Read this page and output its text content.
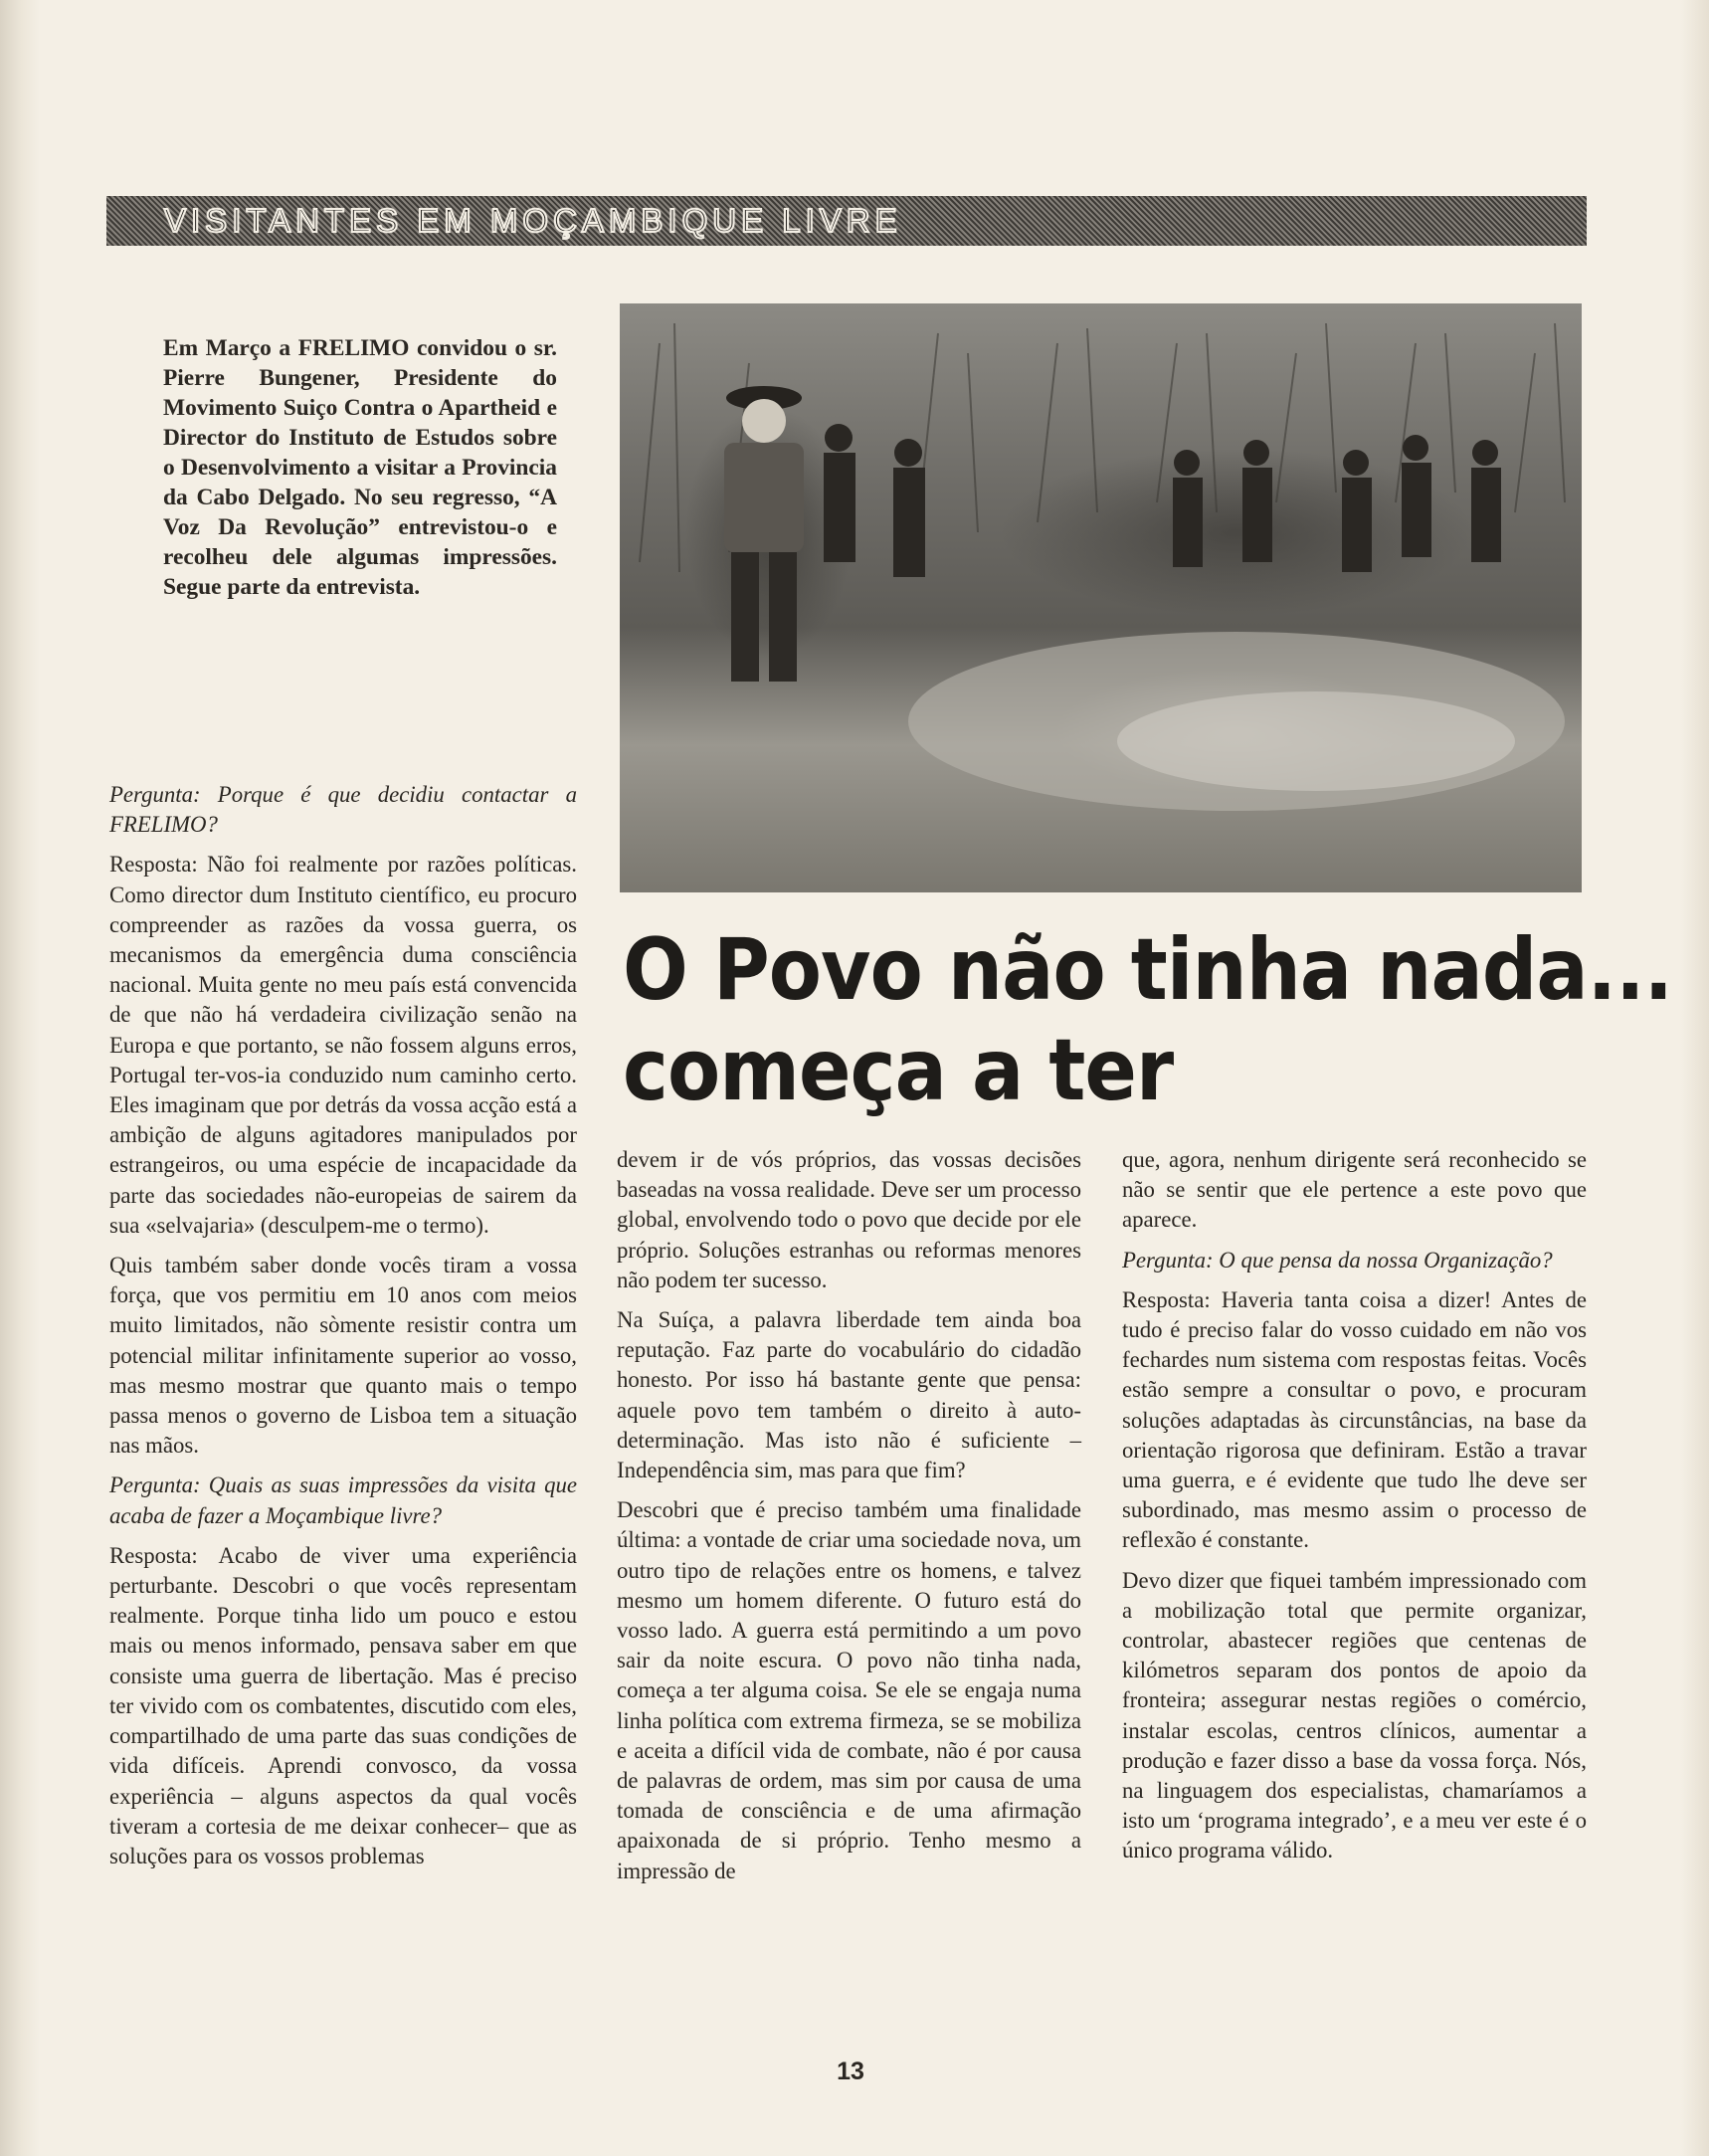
VISITANTES EM MOÇAMBIQUE LIVRE
Em Março a FRELIMO convidou o sr. Pierre Bungener, Presidente do Movimento Suiço Contra o Apartheid e Director do Instituto de Estudos sobre o Desenvolvimento a visitar a Provincia da Cabo Delgado. No seu regresso, “A Voz Da Revolução” entrevistou-o e recolheu dele algumas impressões. Segue parte da entrevista.
O Povo não tinha nada...
começa a ter

Pergunta: Porque é que decidiu contactar a FRELIMO?

Resposta: Não foi realmente por razões políticas. Como director dum Instituto científico, eu procuro compreender as razões da vossa guerra, os mecanismos da emergência duma consciência nacional. Muita gente no meu país está convencida de que não há verdadeira civilização senão na Europa e que portanto, se não fossem alguns erros, Portugal ter-vos-ia conduzido num caminho certo. Eles imaginam que por detrás da vossa acção está a ambição de alguns agitadores manipulados por estrangeiros, ou uma espécie de incapacidade da parte das sociedades não-europeias de sairem da sua «selvajaria» (desculpem-me o termo).

Quis também saber donde vocês tiram a vossa força, que vos permitiu em 10 anos com meios muito limitados, não sòmente resistir contra um potencial militar infinitamente superior ao vosso, mas mesmo mostrar que quanto mais o tempo passa menos o governo de Lisboa tem a situação nas mãos.

Pergunta: Quais as suas impressões da visita que acaba de fazer a Moçambique livre?

Resposta: Acabo de viver uma experiência perturbante. Descobri o que vocês representam realmente. Porque tinha lido um pouco e estou mais ou menos informado, pensava saber em que consiste uma guerra de libertação. Mas é preciso ter vivido com os combatentes, discutido com eles, compartilhado de uma parte das suas condições de vida difíceis. Aprendi convosco, da vossa experiência – alguns aspectos da qual vocês tiveram a cortesia de me deixar conhecer– que as soluções para os vossos problemas

devem ir de vós próprios, das vossas decisões baseadas na vossa realidade. Deve ser um processo global, envolvendo todo o povo que decide por ele próprio. Soluções estranhas ou reformas menores não podem ter sucesso.

Na Suíça, a palavra liberdade tem ainda boa reputação. Faz parte do vocabulário do cidadão honesto. Por isso há bastante gente que pensa: aquele povo tem também o direito à auto-determinação. Mas isto não é suficiente – Independência sim, mas para que fim?

Descobri que é preciso também uma finalidade última: a vontade de criar uma sociedade nova, um outro tipo de relações entre os homens, e talvez mesmo um homem diferente. O futuro está do vosso lado. A guerra está permitindo a um povo sair da noite escura. O povo não tinha nada, começa a ter alguma coisa. Se ele se engaja numa linha política com extrema firmeza, se se mobiliza e aceita a difícil vida de combate, não é por causa de palavras de ordem, mas sim por causa de uma tomada de consciência e de uma afirmação apaixonada de si próprio. Tenho mesmo a impressão de

que, agora, nenhum dirigente será reconhecido se não se sentir que ele pertence a este povo que aparece.

Pergunta: O que pensa da nossa Organização?

Resposta: Haveria tanta coisa a dizer! Antes de tudo é preciso falar do vosso cuidado em não vos fechardes num sistema com respostas feitas. Vocês estão sempre a consultar o povo, e procuram soluções adaptadas às circunstâncias, na base da orientação rigorosa que definiram. Estão a travar uma guerra, e é evidente que tudo lhe deve ser subordinado, mas mesmo assim o processo de reflexão é constante.

Devo dizer que fiquei também impressionado com a mobilização total que permite organizar, controlar, abastecer regiões que centenas de kilómetros separam dos pontos de apoio da fronteira; assegurar nestas regiões o comércio, instalar escolas, centros clínicos, aumentar a produção e fazer disso a base da vossa força. Nós, na linguagem dos especialistas, chamaríamos a isto um ‘programa integrado’, e a meu ver este é o único programa válido.

13
